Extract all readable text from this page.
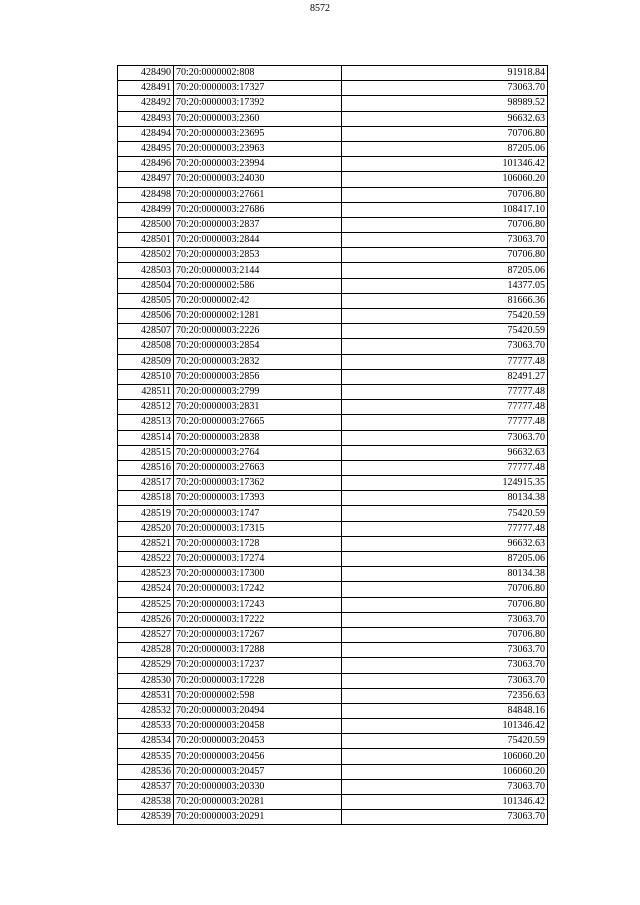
8572
428490	70:20:0000002:808	91918.84
428491	70:20:0000003:17327	73063.70
428492	70:20:0000003:17392	98989.52
428493	70:20:0000003:2360	96632.63
428494	70:20:0000003:23695	70706.80
428495	70:20:0000003:23963	87205.06
428496	70:20:0000003:23994	101346.42
428497	70:20:0000003:24030	106060.20
428498	70:20:0000003:27661	70706.80
428499	70:20:0000003:27686	108417.10
428500	70:20:0000003:2837	70706.80
428501	70:20:0000003:2844	73063.70
428502	70:20:0000003:2853	70706.80
428503	70:20:0000003:2144	87205.06
428504	70:20:0000002:586	14377.05
428505	70:20:0000002:42	81666.36
428506	70:20:0000002:1281	75420.59
428507	70:20:0000003:2226	75420.59
428508	70:20:0000003:2854	73063.70
428509	70:20:0000003:2832	77777.48
428510	70:20:0000003:2856	82491.27
428511	70:20:0000003:2799	77777.48
428512	70:20:0000003:2831	77777.48
428513	70:20:0000003:27665	77777.48
428514	70:20:0000003:2838	73063.70
428515	70:20:0000003:2764	96632.63
428516	70:20:0000003:27663	77777.48
428517	70:20:0000003:17362	124915.35
428518	70:20:0000003:17393	80134.38
428519	70:20:0000003:1747	75420.59
428520	70:20:0000003:17315	77777.48
428521	70:20:0000003:1728	96632.63
428522	70:20:0000003:17274	87205.06
428523	70:20:0000003:17300	80134.38
428524	70:20:0000003:17242	70706.80
428525	70:20:0000003:17243	70706.80
428526	70:20:0000003:17222	73063.70
428527	70:20:0000003:17267	70706.80
428528	70:20:0000003:17288	73063.70
428529	70:20:0000003:17237	73063.70
428530	70:20:0000003:17228	73063.70
428531	70:20:0000002:598	72356.63
428532	70:20:0000003:20494	84848.16
428533	70:20:0000003:20458	101346.42
428534	70:20:0000003:20453	75420.59
428535	70:20:0000003:20456	106060.20
428536	70:20:0000003:20457	106060.20
428537	70:20:0000003:20330	73063.70
428538	70:20:0000003:20281	101346.42
428539	70:20:0000003:20291	73063.70
